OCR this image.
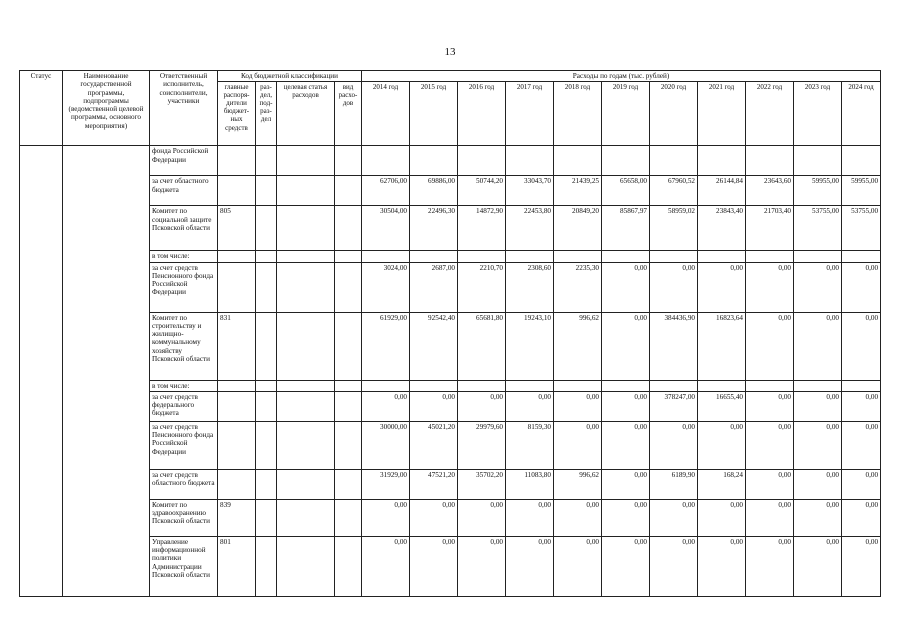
13
Статус	Наименование государственной программы, подпрограммы (ведомственной целевой программы, основного мероприятия)	Ответственный исполнитель, соисполнители, участники	Код бюджетной классификации				Расходы по годам (тыс. рублей)										
			главные распоря-дители бюджет-ных средств	раз-дел, под-раз-дел	целевая статья расходов	вид расхо-дов	2014 год	2015 год	2016 год	2017 год	2018 год	2019 год	2020 год	2021 год	2022 год	2023 год	2024 год
		фонда Российской Федерации															
		за счет областного бюджета					62706,00	69886,00	50744,20	33043,70	21439,25	65658,00	67960,52	26144,84	23643,60	59955,00	59955,00
		Комитет по социальной защите Псковской области	805				30504,00	22496,30	14872,90	22453,80	20849,20	85867,97	58959,02	23843,40	21703,40	53755,00	53755,00
		в том числе:															
		за счет средств Пенсионного фонда Российской Федерации					3024,00	2687,00	2210,70	2308,60	2235,30	0,00	0,00	0,00	0,00	0,00	0,00
		Комитет по строительству и жилищно-коммунальному хозяйству Псковской области	831				61929,00	92542,40	65681,80	19243,10	996,62	0,00	384436,90	16823,64	0,00	0,00	0,00
		в том числе:															
		за счет средств федерального бюджета					0,00	0,00	0,00	0,00	0,00	0,00	378247,00	16655,40	0,00	0,00	0,00
		за счет средств Пенсионного фонда Российской Федерации					30000,00	45021,20	29979,60	8159,30	0,00	0,00	0,00	0,00	0,00	0,00	0,00
		за счет средств областного бюджета					31929,00	47521,20	35702,20	11083,80	996,62	0,00	6189,90	168,24	0,00	0,00	0,00
		Комитет по здравоохранению Псковской области	839				0,00	0,00	0,00	0,00	0,00	0,00	0,00	0,00	0,00	0,00	0,00
		Управление информационной политики Администрации Псковской области	801				0,00	0,00	0,00	0,00	0,00	0,00	0,00	0,00	0,00	0,00	0,00
